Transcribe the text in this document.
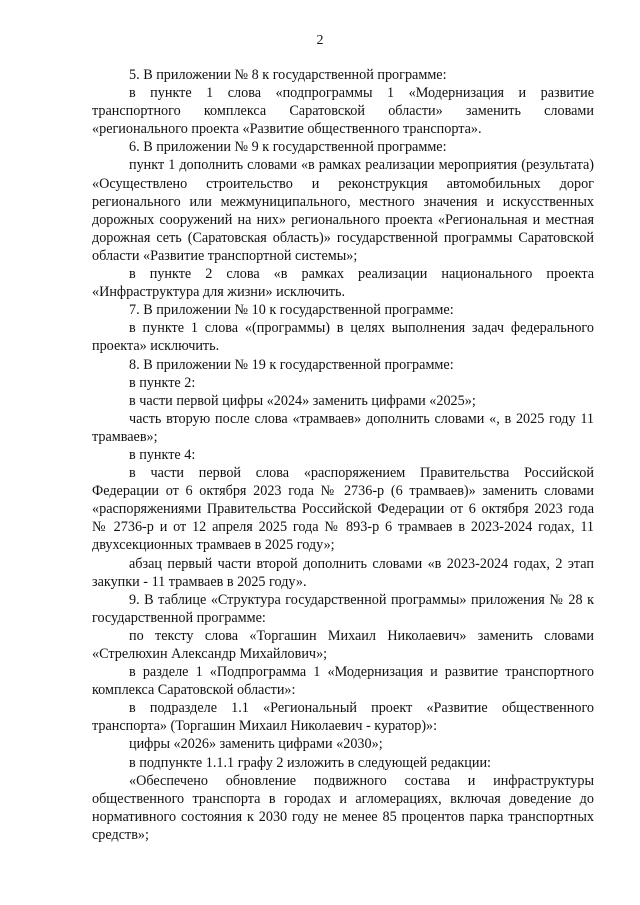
2

5. В приложении № 8 к государственной программе:

в пункте 1 слова «подпрограммы 1 «Модернизация и развитие транспортного комплекса Саратовской области» заменить словами «регионального проекта «Развитие общественного транспорта».

6. В приложении № 9 к государственной программе:

пункт 1 дополнить словами «в рамках реализации мероприятия (результата) «Осуществлено строительство и реконструкция автомобильных дорог регионального или межмуниципального, местного значения и искусственных дорожных сооружений на них» регионального проекта «Региональная и местная дорожная сеть (Саратовская область)» государственной программы Саратовской области «Развитие транспортной системы»;

в пункте 2 слова «в рамках реализации национального проекта «Инфраструктура для жизни» исключить.

7. В приложении № 10 к государственной программе:

в пункте 1 слова «(программы) в целях выполнения задач федерального проекта» исключить.

8. В приложении № 19 к государственной программе:

в пункте 2:

в части первой цифры «2024» заменить цифрами «2025»;

часть вторую после слова «трамваев» дополнить словами «, в 2025 году 11 трамваев»;

в пункте 4:

в части первой слова «распоряжением Правительства Российской Федерации от 6 октября 2023 года № 2736-р (6 трамваев)» заменить словами «распоряжениями Правительства Российской Федерации от 6 октября 2023 года № 2736-р и от 12 апреля 2025 года № 893-р 6 трамваев в 2023-2024 годах, 11 двухсекционных трамваев в 2025 году»;

абзац первый части второй дополнить словами «в 2023-2024 годах, 2 этап закупки - 11 трамваев в 2025 году».

9. В таблице «Структура государственной программы» приложения № 28 к государственной программе:

по тексту слова «Торгашин Михаил Николаевич» заменить словами «Стрелюхин Александр Михайлович»;

в разделе 1 «Подпрограмма 1 «Модернизация и развитие транспортного комплекса Саратовской области»:

в подразделе 1.1 «Региональный проект «Развитие общественного транспорта» (Торгашин Михаил Николаевич - куратор)»:

цифры «2026» заменить цифрами «2030»;

в подпункте 1.1.1 графу 2 изложить в следующей редакции:

«Обеспечено обновление подвижного состава и инфраструктуры общественного транспорта в городах и агломерациях, включая доведение до нормативного состояния к 2030 году не менее 85 процентов парка транспортных средств»;
